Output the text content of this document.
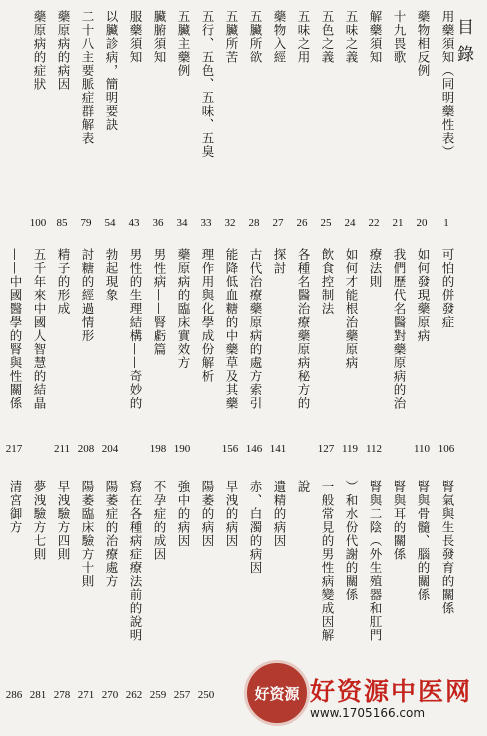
目錄
用藥須知（同明藥性表）
藥物相反例
十九畏歌
解藥須知
五味之義
五色之義
五味之用
藥物入經
五臟所欲
五臟所苦
五行、五色、五味、五臭
五臟主藥例
臟腑須知
服藥須知
以臟診病，簡明要訣
二十八主要脈症群解表
藥原病的病因
藥原病的症狀
1
20
21
22
24
25
26
27
28
32
33
34
36
43
54
79
85
100
可怕的併發症
如何發現藥原病
我們歷代名醫對藥原病的治
療法則
如何才能根治藥原病
飲食控制法
各種名醫治療藥原病秘方的
探討
古代治療藥原病的處方索引
能降低血糖的中藥草及其藥
理作用與化學成份解析
藥原病的臨床實效方
男性病——腎虧篇
男性的生理結構——奇妙的
勃起現象
討糖的經過情形
精子的形成
五千年來中國人智慧的結晶
——中國醫學的腎與性關係
106
110
112
119
127
141
146
156
190
198
204
208
211
217
腎氣與生長發育的關係
腎與骨髓、腦的關係
腎與耳的關係
腎與二陰（外生殖器和肛門
）和水份代謝的關係
一般常見的男性病變成因解
說
遺精的病因
赤、白濁的病因
早洩的病因
陽萎的病因
強中的病因
不孕症的成因
寫在各種病症療法前的說明
陽萎症的治療處方
陽萎臨床驗方十則
早洩驗方四則
夢洩驗方七則
清宮御方
250
257
259
262
270
271
278
281
286	好资源 好资源中医网
www.1705166.com
